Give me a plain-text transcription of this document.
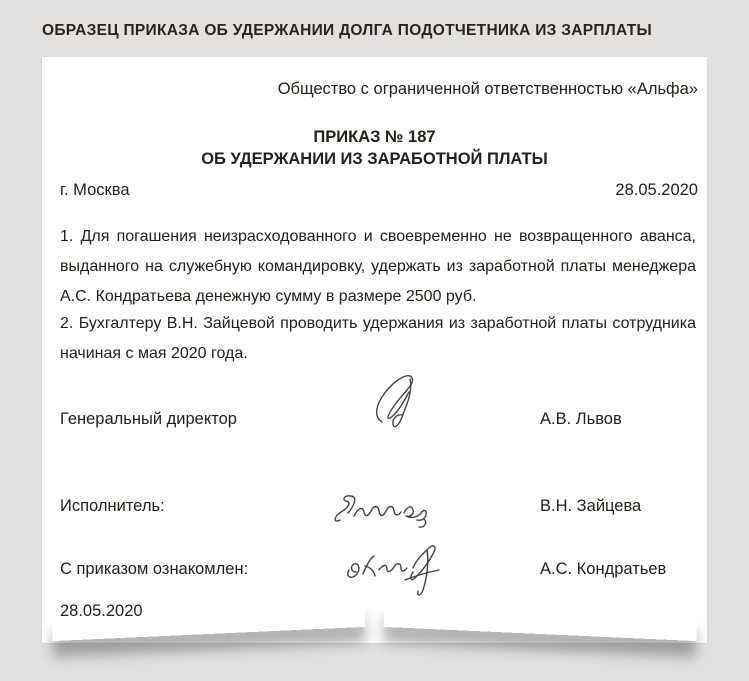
ОБРАЗЕЦ ПРИКАЗА ОБ УДЕРЖАНИИ ДОЛГА ПОДОТЧЕТНИКА ИЗ ЗАРПЛАТЫ
Общество с ограниченной ответственностью «Альфа»
ПРИКАЗ № 187
ОБ УДЕРЖАНИИ ИЗ ЗАРАБОТНОЙ ПЛАТЫ
г. Москва	28.05.2020

1. Для погашения неизрасходованного и своевременно не возвращенного аванса, выданного на служебную командировку, удержать из заработной платы менеджера А.С. Кондратьева денежную сумму в размере 2500 руб.

2. Бухгалтеру В.Н. Зайцевой проводить удержания из заработной платы сотрудника начиная с мая 2020 года.

Генеральный директор	А.В. Львов
Исполнитель:	В.Н. Зайцева
С приказом ознакомлен:	А.С. Кондратьев
28.05.2020
